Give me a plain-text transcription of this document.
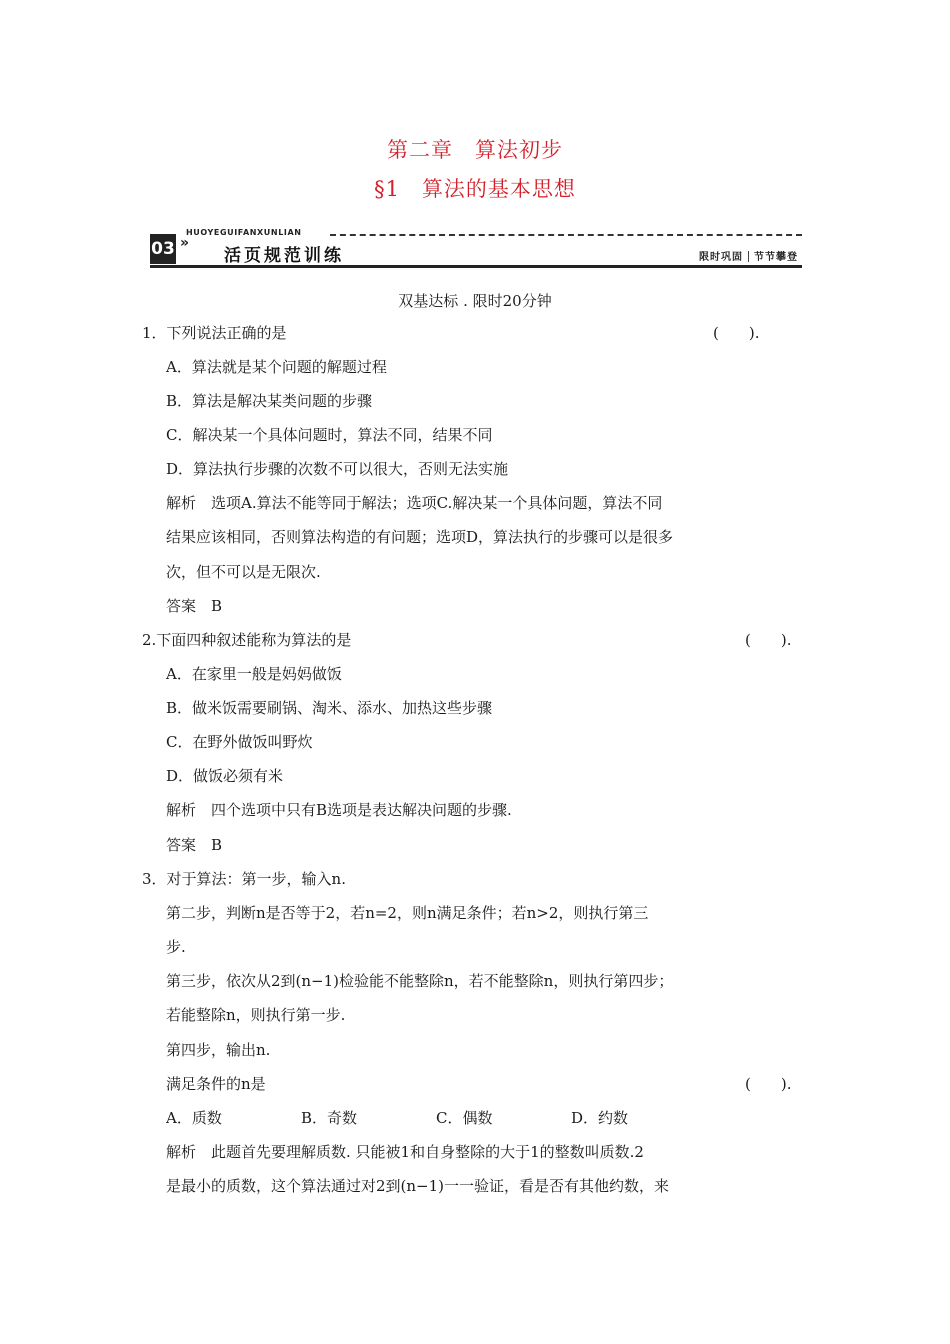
第二章 算法初步
§1 算法的基本思想
HUOYEGUIFANXUNLIAN
03 »
活页规范训练	限时巩固 节节攀登
双基达标 . 限时20分钟
1．下列说法正确的是	(　　).
A．算法就是某个问题的解题过程
B．算法是解决某类问题的步骤
C．解决某一个具体问题时，算法不同，结果不同
D．算法执行步骤的次数不可以很大，否则无法实施
解析　选项A.算法不能等同于解法；选项C.解决某一个具体问题，算法不同
结果应该相同，否则算法构造的有问题；选项D，算法执行的步骤可以是很多
次，但不可以是无限次.
答案　B
2.下面四种叙述能称为算法的是	(　　).
A．在家里一般是妈妈做饭
B．做米饭需要刷锅、淘米、添水、加热这些步骤
C．在野外做饭叫野炊
D．做饭必须有米
解析　四个选项中只有B选项是表达解决问题的步骤.
答案　B
3．对于算法：第一步，输入n.
第二步，判断n是否等于2，若n=2，则n满足条件；若n>2，则执行第三
步.
第三步，依次从2到(n−1)检验能不能整除n，若不能整除n，则执行第四步；
若能整除n，则执行第一步.
第四步，输出n.
满足条件的n是	(　　).
A．质数	B．奇数	C．偶数	D．约数
解析　此题首先要理解质数. 只能被1和自身整除的大于1的整数叫质数.2
是最小的质数，这个算法通过对2到(n−1)一一验证，看是否有其他约数，来
